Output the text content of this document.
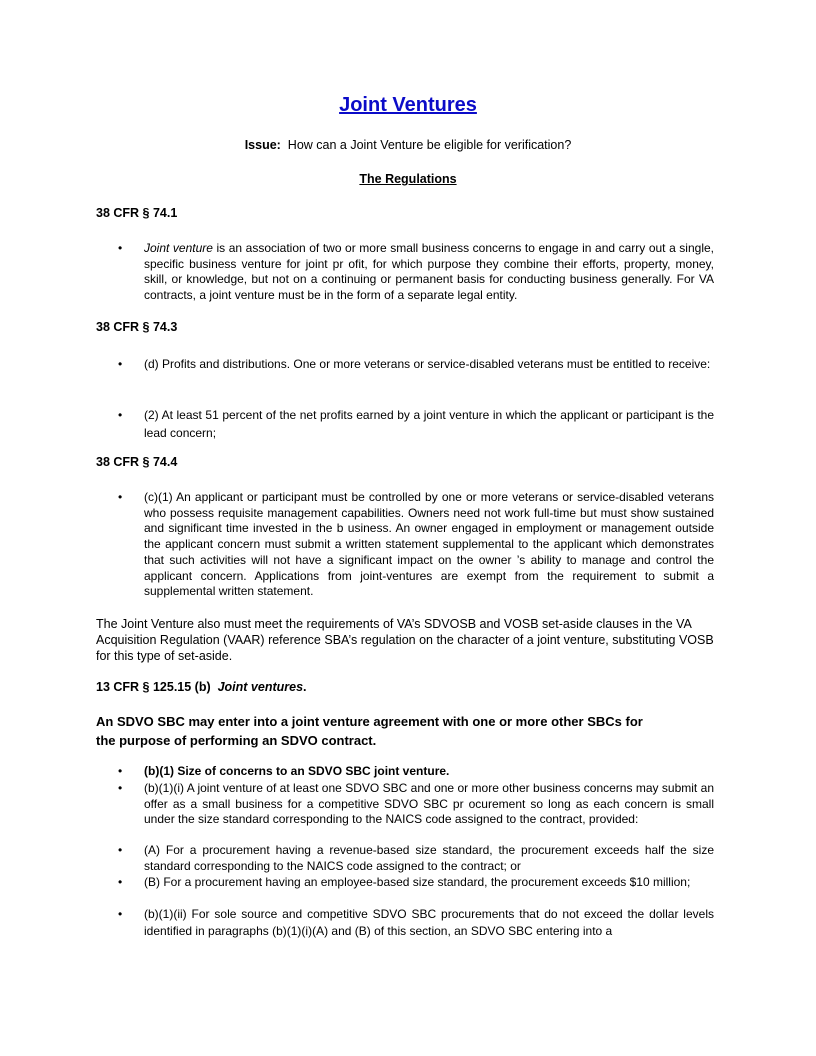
Joint Ventures

Issue: How can a Joint Venture be eligible for verification?

The Regulations

38 CFR § 74.1

•	Joint venture is an association of two or more small business concerns to engage in and carry out a single, specific business venture for joint pr ofit, for which purpose they combine their efforts, property, money, skill, or knowledge, but not on a continuing or permanent basis for conducting business generally. For VA contracts, a joint venture must be in the form of a separate legal entity.

38 CFR § 74.3

•	(d) Profits and distributions. One or more veterans or service-disabled veterans must be entitled to receive:
•	(2) At least 51 percent of the net profits earned by a joint venture in which the applicant or participant is the lead concern;

38 CFR § 74.4

•	(c)(1) An applicant or participant must be controlled by one or more veterans or service-disabled veterans who possess requisite management capabilities. Owners need not work full-time but must show sustained and significant time invested in the b usiness. An owner engaged in employment or management outside the applicant concern must submit a written statement supplemental to the applicant which demonstrates that such activities will not have a significant impact on the owner ’s ability to manage and control the applicant concern. Applications from joint-ventures are exempt from the requirement to submit a supplemental written statement.

The Joint Venture also must meet the requirements of VA’s SDVOSB and VOSB set-aside clauses in the VA Acquisition Regulation (VAAR) reference SBA’s regulation on the character of a joint venture, substituting VOSB for this type of set-aside.

13 CFR § 125.15 (b) Joint ventures.

An SDVO SBC may enter into a joint venture agreement with one or more other SBCs for
the purpose of performing an SDVO contract.
•	(b)(1) Size of concerns to an SDVO SBC joint venture.
•	(b)(1)(i) A joint venture of at least one SDVO SBC and one or more other business concerns may submit an offer as a small business for a competitive SDVO SBC pr ocurement so long as each concern is small under the size standard corresponding to the NAICS code assigned to the contract, provided:
•	(A) For a procurement having a revenue-based size standard, the procurement exceeds half the size standard corresponding to the NAICS code assigned to the contract; or
•	(B) For a procurement having an employee-based size standard, the procurement exceeds $10 million;
•	(b)(1)(ii) For sole source and competitive SDVO SBC procurements that do not exceed the dollar levels identified in paragraphs (b)(1)(i)(A) and (B) of this section, an SDVO SBC entering into a
